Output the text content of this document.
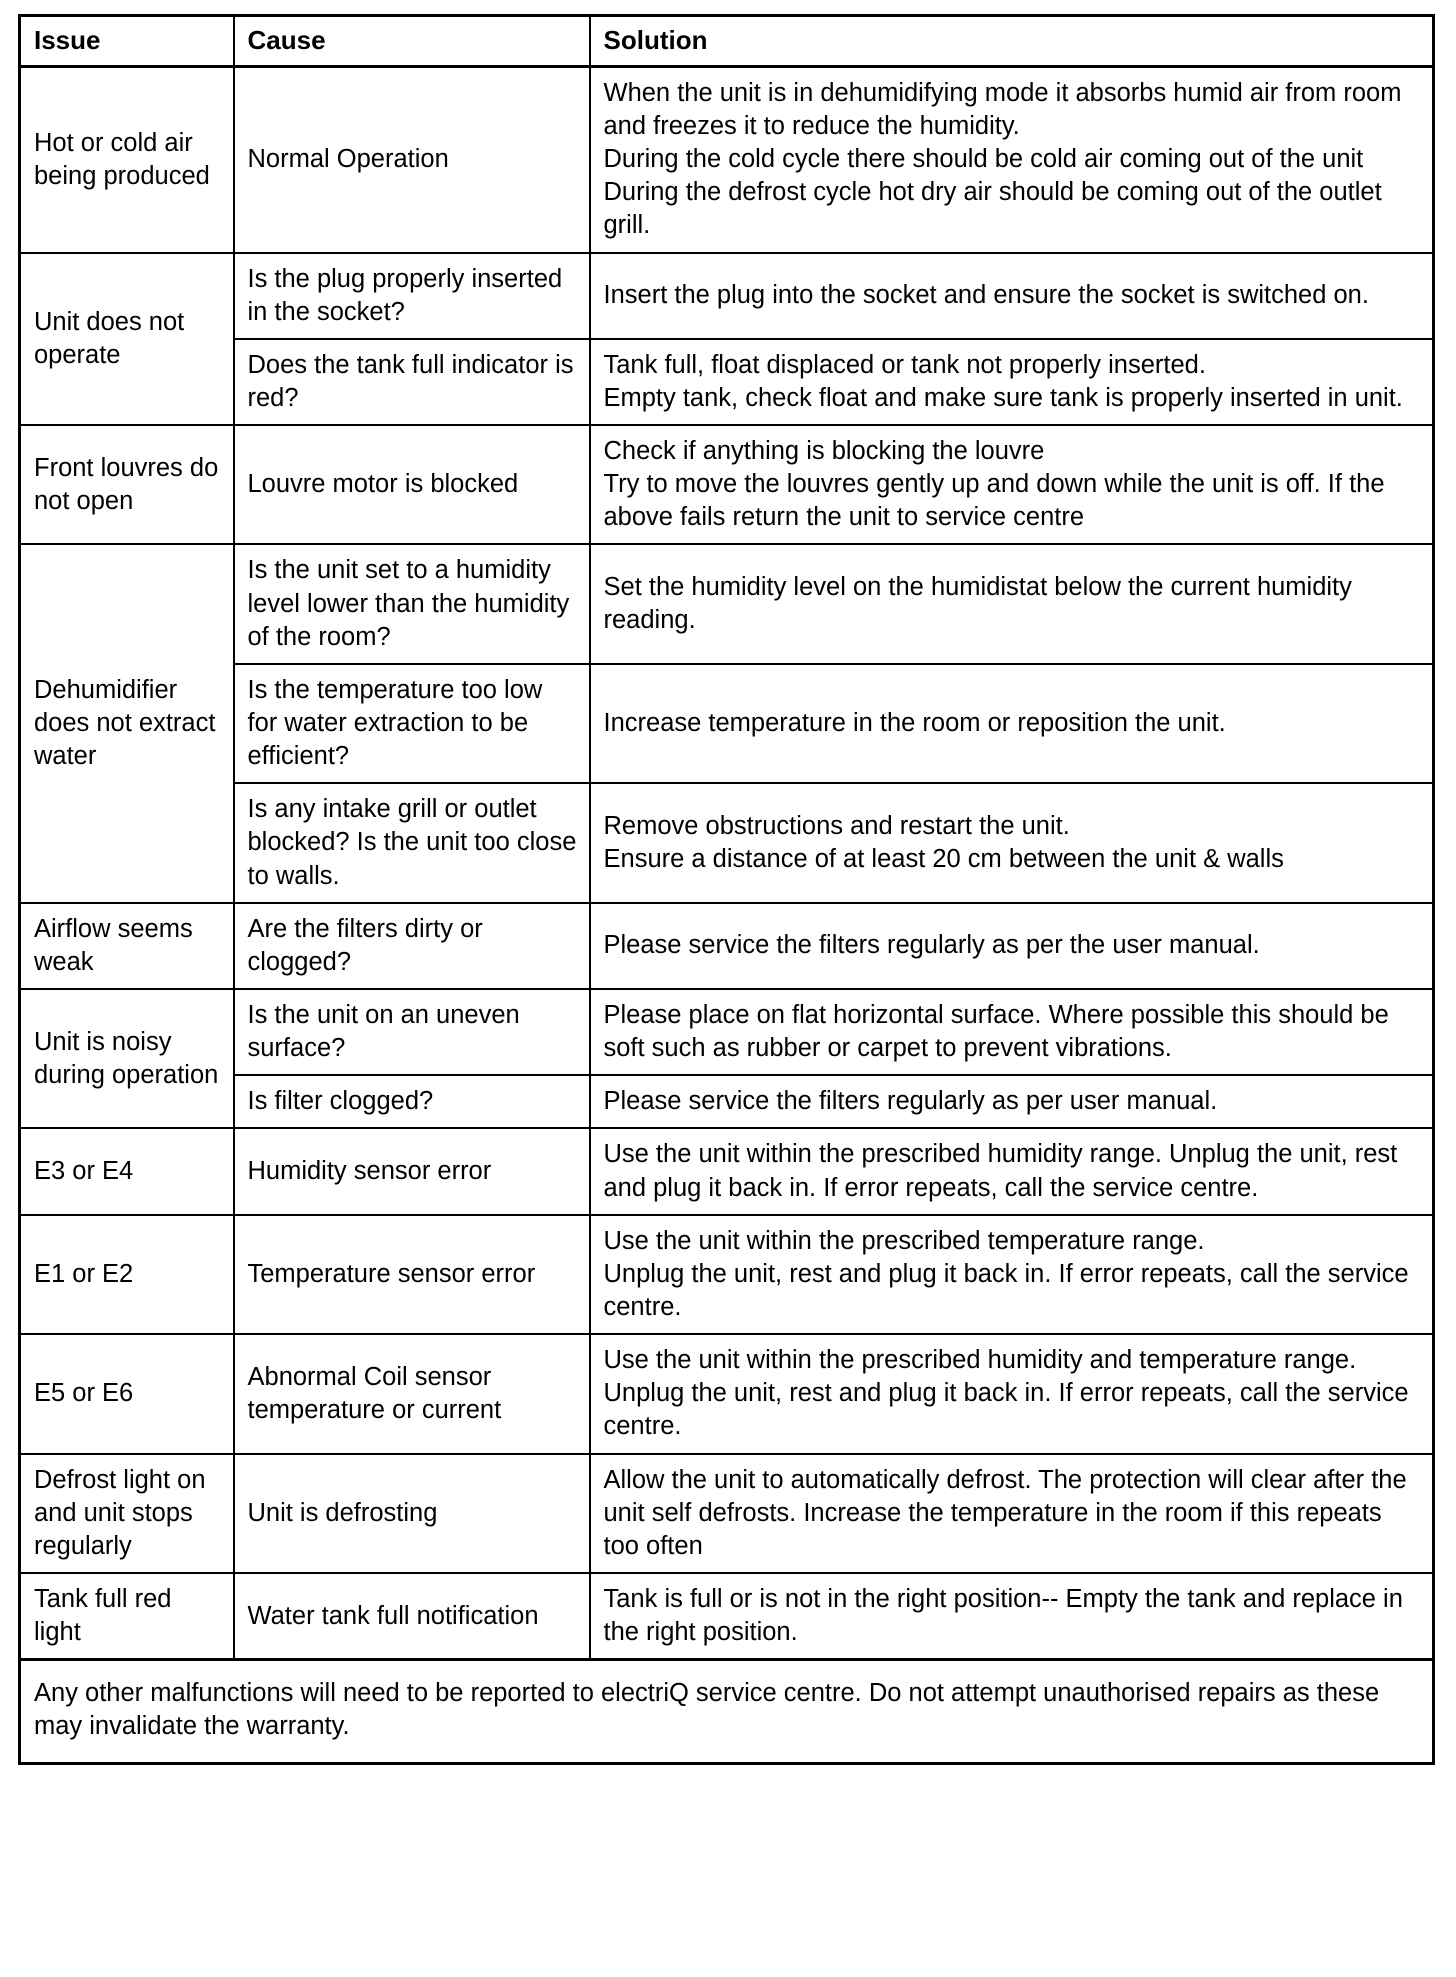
Issue	Cause	Solution
Hot or cold air being produced	Normal Operation	When the unit is in dehumidifying mode it absorbs humid air from room and freezes it to reduce the humidity.
During the cold cycle there should be cold air coming out of the unit During the defrost cycle hot dry air should be coming out of the outlet grill.

Unit does not operate	Is the plug properly inserted in the socket?	Insert the plug into the socket and ensure the socket is switched on.

	Does the tank full indicator is red?	Tank full, float displaced or tank not properly inserted.
Empty tank, check float and make sure tank is properly inserted in unit.

Front louvres do not open	Louvre motor is blocked	Check if anything is blocking the louvre
Try to move the louvres gently up and down while the unit is off. If the above fails return the unit to service centre

Dehumidifier does not extract water	Is the unit set to a humidity level lower than the humidity of the room?	Set the humidity level on the humidistat below the current humidity reading.

	Is the temperature too low for water extraction to be efficient?	Increase temperature in the room or reposition the unit.

	Is any intake grill or outlet blocked? Is the unit too close to walls.	Remove obstructions and restart the unit.
Ensure a distance of at least 20 cm between the unit & walls

Airflow seems weak	Are the filters dirty or clogged?	Please service the filters regularly as per the user manual.

Unit is noisy during operation	Is the unit on an uneven surface?	Please place on flat horizontal surface. Where possible this should be soft such as rubber or carpet to prevent vibrations.

	Is filter clogged?	Please service the filters regularly as per user manual.

E3 or E4	Humidity sensor error	Use the unit within the prescribed humidity range. Unplug the unit, rest and plug it back in. If error repeats, call the service centre.

E1 or E2	Temperature sensor error	Use the unit within the prescribed temperature range.
Unplug the unit, rest and plug it back in. If error repeats, call the service centre.

E5 or E6	Abnormal Coil sensor temperature or current	Use the unit within the prescribed humidity and temperature range. Unplug the unit, rest and plug it back in. If error repeats, call the service centre.

Defrost light on and unit stops regularly	Unit is defrosting	Allow the unit to automatically defrost. The protection will clear after the unit self defrosts. Increase the temperature in the room if this repeats too often

Tank full red light	Water tank full notification	Tank is full or is not in the right position-- Empty the tank and replace in the right position.

Any other malfunctions will need to be reported to electriQ service centre. Do not attempt unauthorised repairs as these may invalidate the warranty.		
